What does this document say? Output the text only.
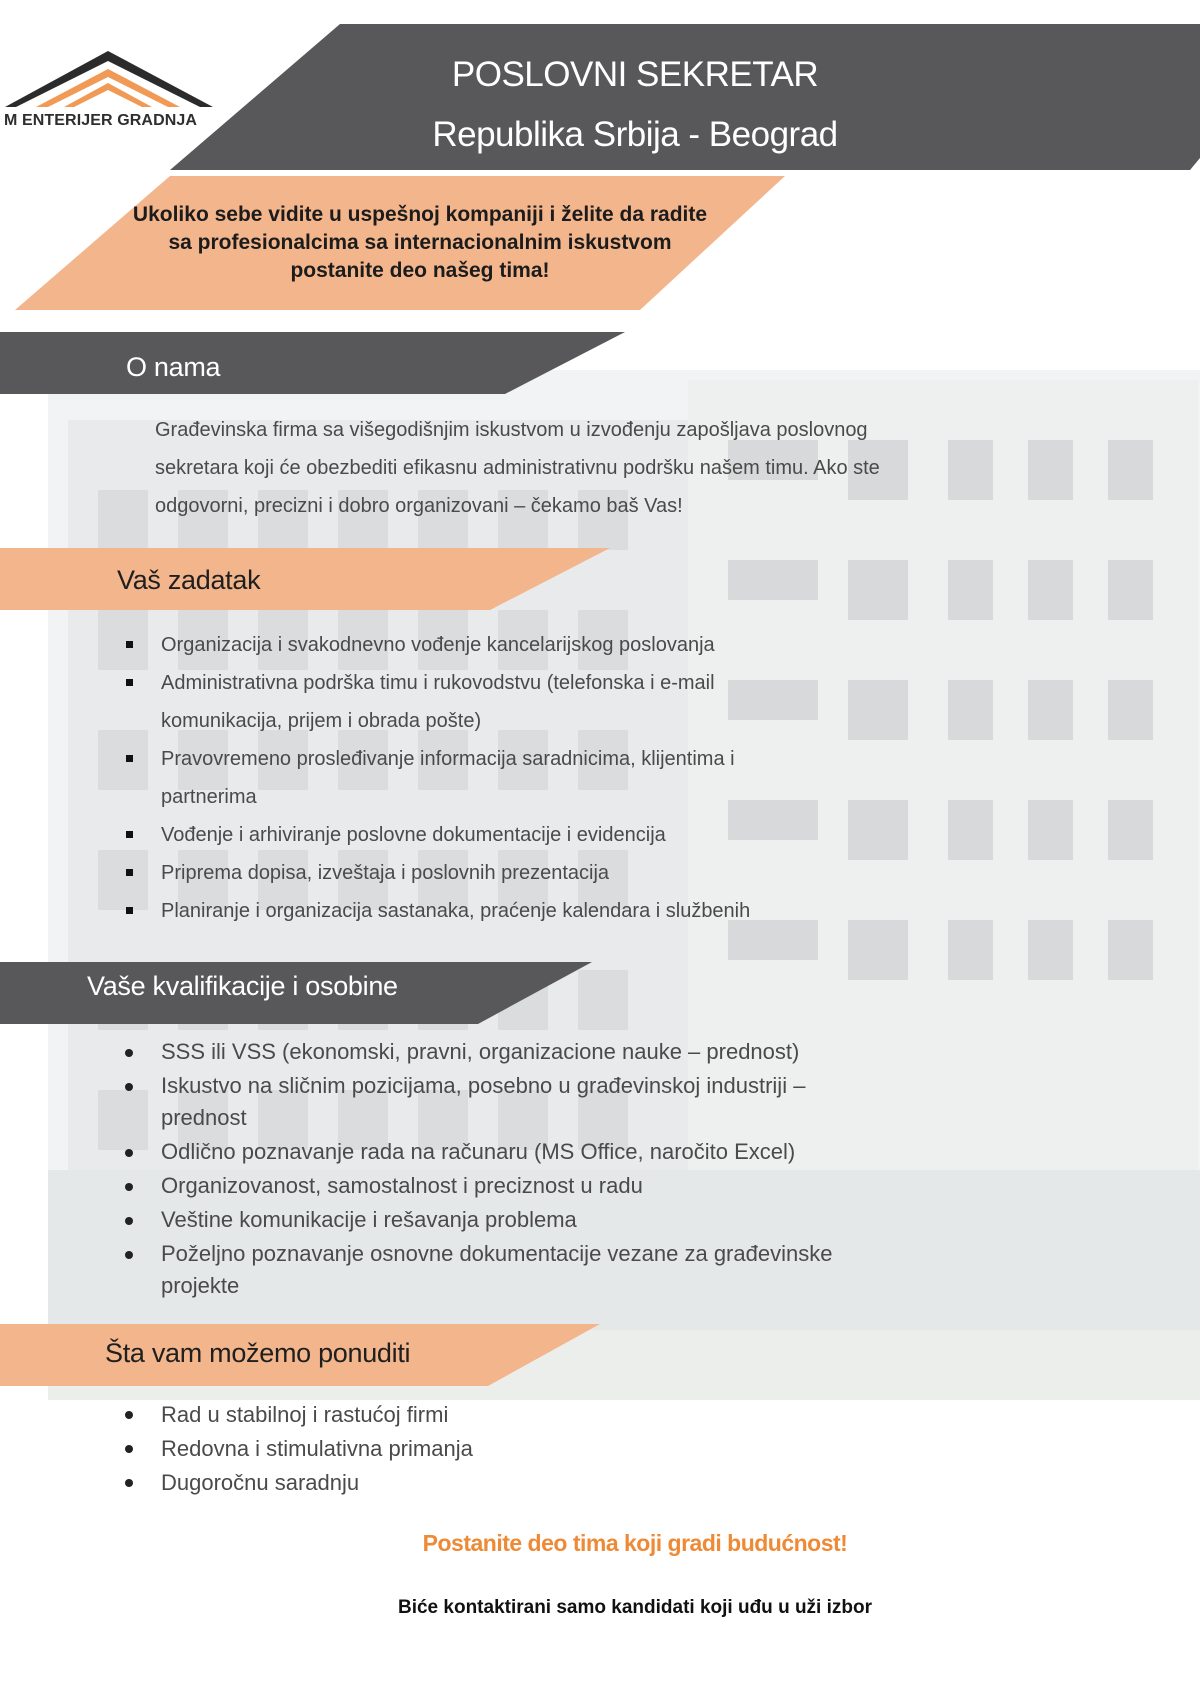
POSLOVNI SEKRETAR
Republika Srbija - Beograd
M ENTERIJER GRADNJA
Ukoliko sebe vidite u uspešnoj kompaniji i želite da radite sa profesionalcima sa internacionalnim iskustvom postanite deo našeg tima!
O nama
Građevinska firma sa višegodišnjim iskustvom u izvođenju zapošljava poslovnog sekretara koji će obezbediti efikasnu administrativnu podršku našem timu. Ako ste odgovorni, precizni i dobro organizovani – čekamo baš Vas!
Vaš zadatak
Organizacija i svakodnevno vođenje kancelarijskog poslovanja
Administrativna podrška timu i rukovodstvu (telefonska i e-mail komunikacija, prijem i obrada pošte)
Pravovremeno prosleđivanje informacija saradnicima, klijentima i partnerima
Vođenje i arhiviranje poslovne dokumentacije i evidencija
Priprema dopisa, izveštaja i poslovnih prezentacija
Planiranje i organizacija sastanaka, praćenje kalendara i službenih
Vaše kvalifikacije i osobine
SSS ili VSS (ekonomski, pravni, organizacione nauke – prednost)
Iskustvo na sličnim pozicijama, posebno u građevinskoj industriji – prednost
Odlično poznavanje rada na računaru (MS Office, naročito Excel)
Organizovanost, samostalnost i preciznost u radu
Veštine komunikacije i rešavanja problema
Poželjno poznavanje osnovne dokumentacije vezane za građevinske projekte
Šta vam možemo ponuditi
Rad u stabilnoj i rastućoj firmi
Redovna i stimulativna primanja
Dugoročnu saradnju
Postanite deo tima koji gradi budućnost!
Biće kontaktirani samo kandidati koji uđu u uži izbor
